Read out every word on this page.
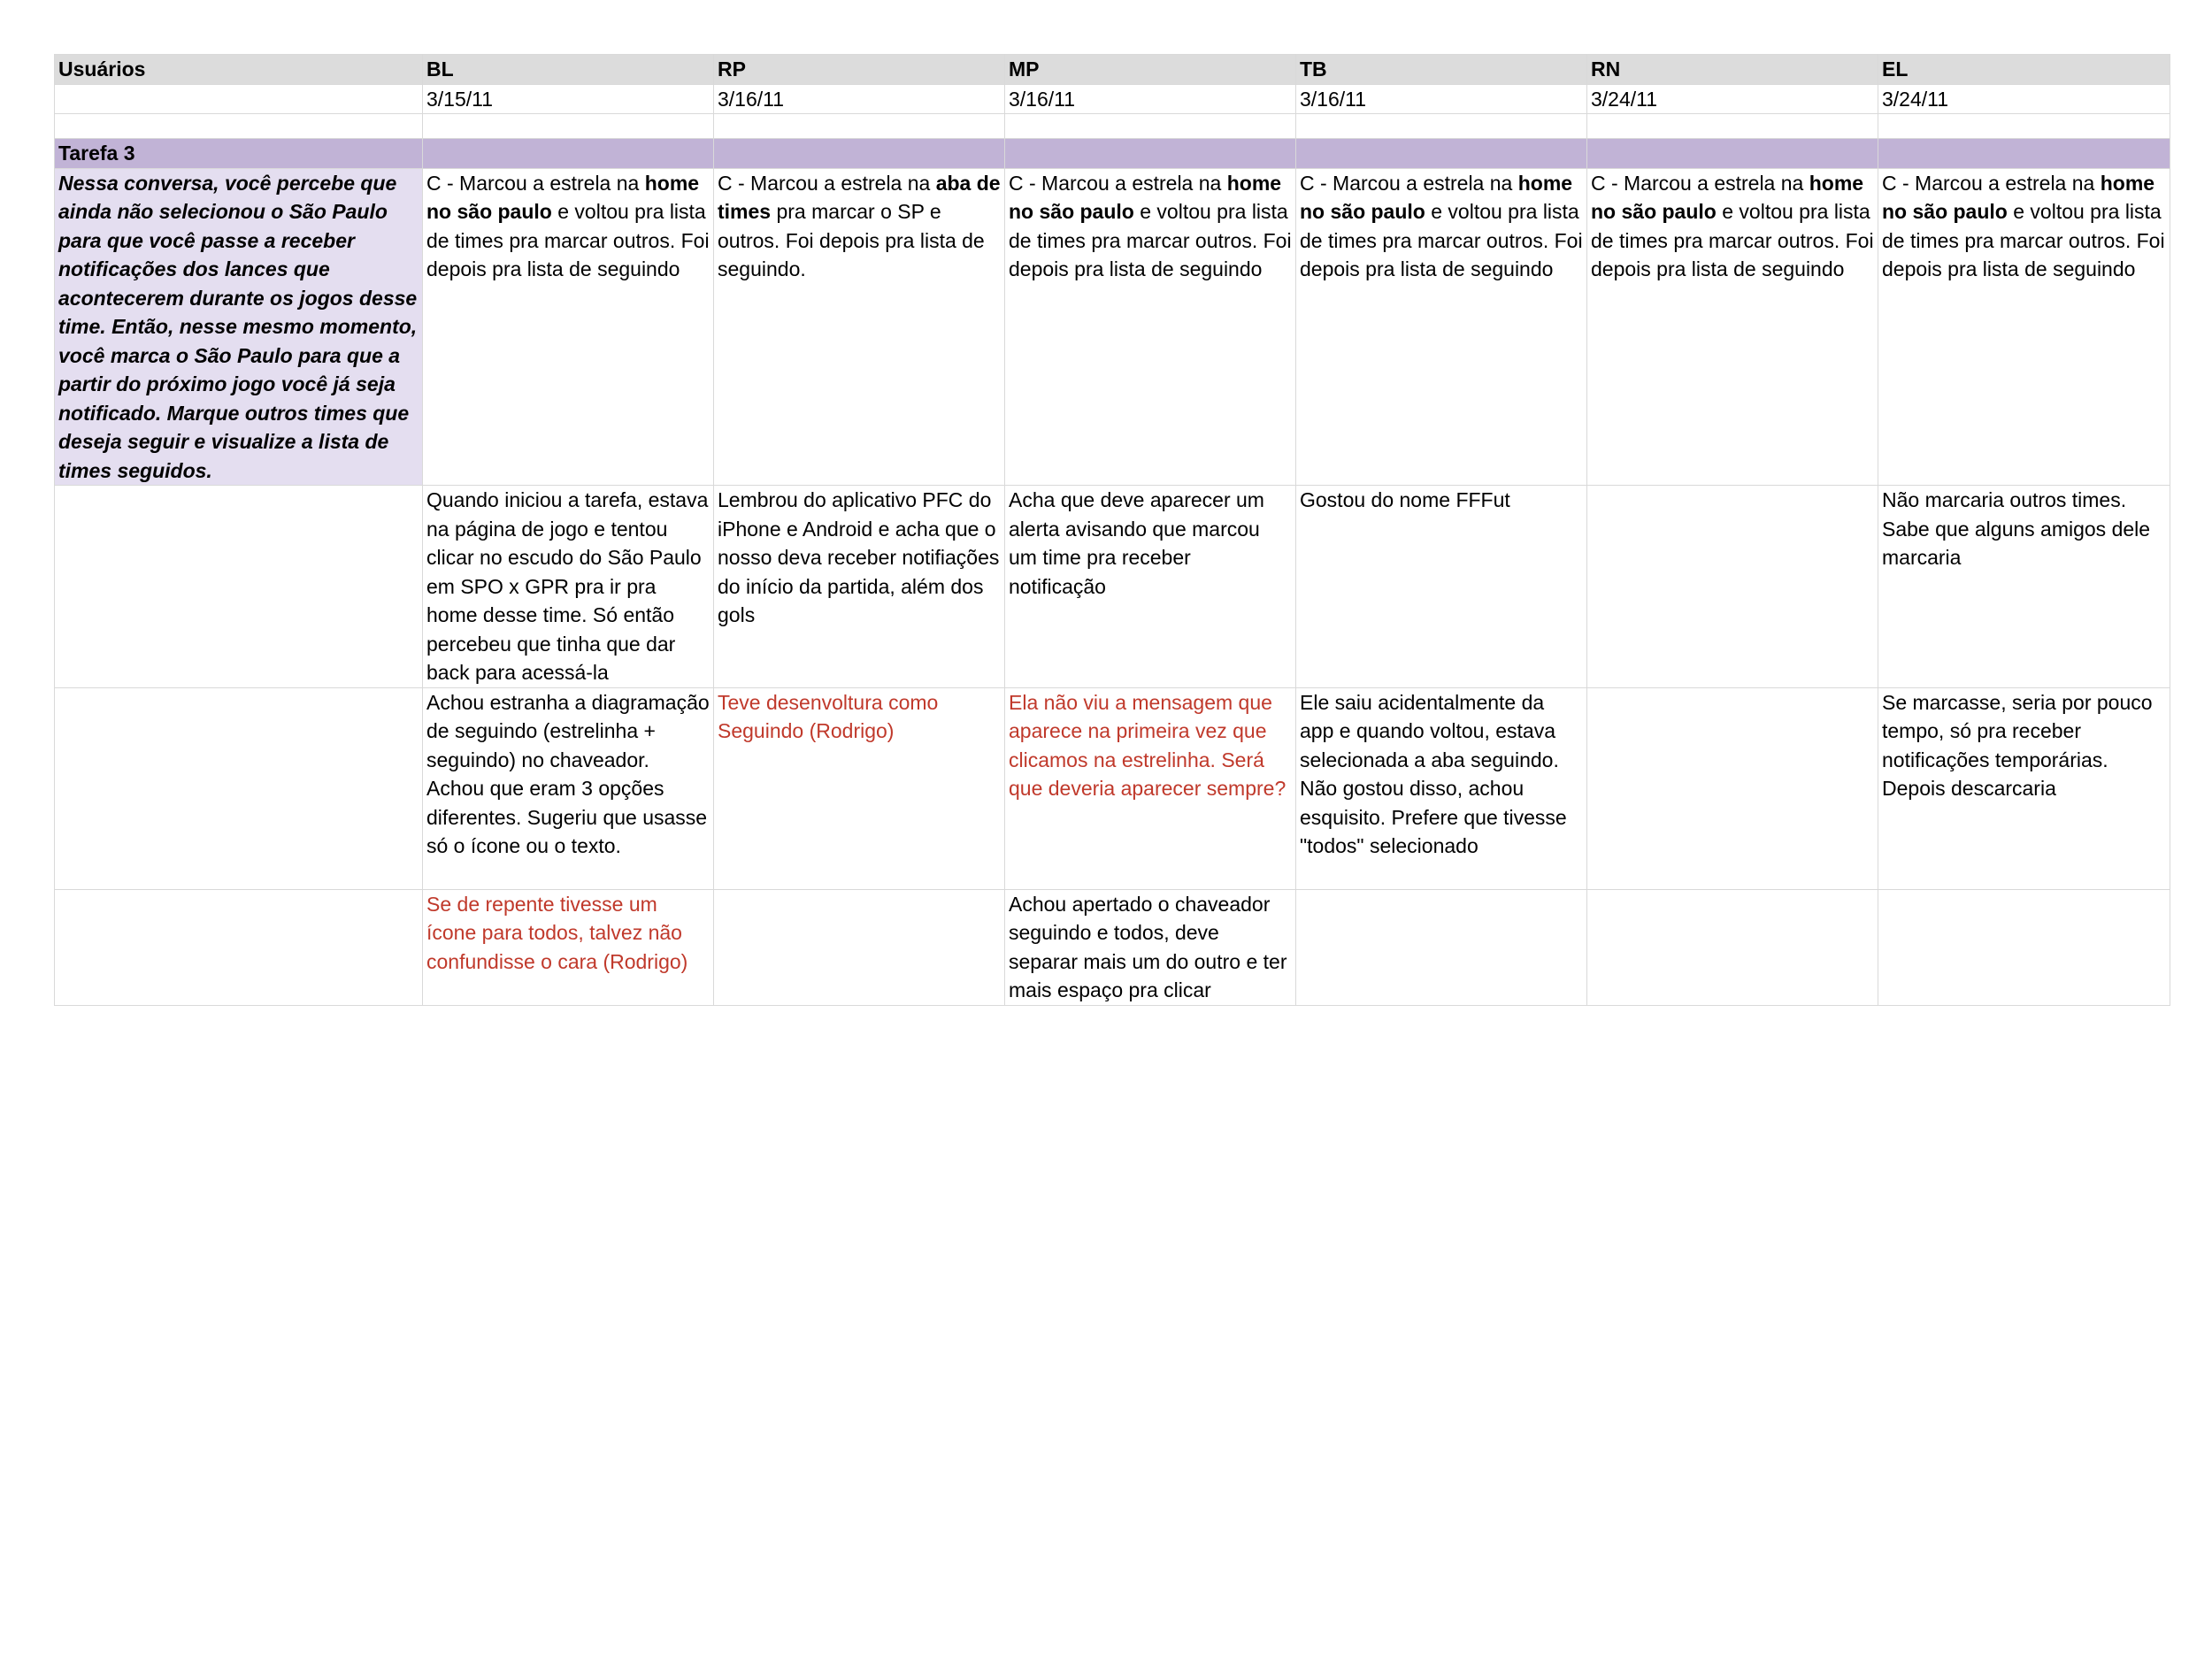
Usuários	BL	RP	MP	TB	RN	EL
	3/15/11	3/16/11	3/16/11	3/16/11	3/24/11	3/24/11

Tarefa 3						
Nessa conversa, você percebe que ainda não selecionou o São Paulo para que você passe a receber notificações dos lances que acontecerem durante os jogos desse time. Então, nesse mesmo momento, você marca o São Paulo para que a partir do próximo jogo você já seja notificado. Marque outros times que deseja seguir e visualize a lista de times seguidos.	C - Marcou a estrela na home no são paulo e voltou pra lista de times pra marcar outros. Foi depois pra lista de seguindo	C - Marcou a estrela na aba de times pra marcar o SP e outros. Foi depois pra lista de seguindo.	C - Marcou a estrela na home no são paulo e voltou pra lista de times pra marcar outros. Foi depois pra lista de seguindo	C - Marcou a estrela na home no são paulo e voltou pra lista de times pra marcar outros. Foi depois pra lista de seguindo	C - Marcou a estrela na home no são paulo e voltou pra lista de times pra marcar outros. Foi depois pra lista de seguindo	C - Marcou a estrela na home no são paulo e voltou pra lista de times pra marcar outros. Foi depois pra lista de seguindo
	Quando iniciou a tarefa, estava na página de jogo e tentou clicar no escudo do São Paulo em SPO x GPR pra ir pra home desse time. Só então percebeu que tinha que dar back para acessá-la	Lembrou do aplicativo PFC do iPhone e Android e acha que o nosso deva receber notifiações do início da partida, além dos gols	Acha que deve aparecer um alerta avisando que marcou um time pra receber notificação	Gostou do nome FFFut		Não marcaria outros times. Sabe que alguns amigos dele marcaria
	Achou estranha a diagramação de seguindo (estrelinha + seguindo) no chaveador. Achou que eram 3 opções diferentes. Sugeriu que usasse só o ícone ou o texto.	Teve desenvoltura como Seguindo (Rodrigo)	Ela não viu a mensagem que aparece na primeira vez que clicamos na estrelinha. Será que deveria aparecer sempre?	Ele saiu acidentalmente da app e quando voltou, estava selecionada a aba seguindo. Não gostou disso, achou esquisito. Prefere que tivesse "todos" selecionado		Se marcasse, seria por pouco tempo, só pra receber notificações temporárias. Depois descarcaria
	Se de repente tivesse um ícone para todos, talvez não confundisse o cara (Rodrigo)		Achou apertado o chaveador seguindo e todos, deve separar mais um do outro e ter mais espaço pra clicar			
